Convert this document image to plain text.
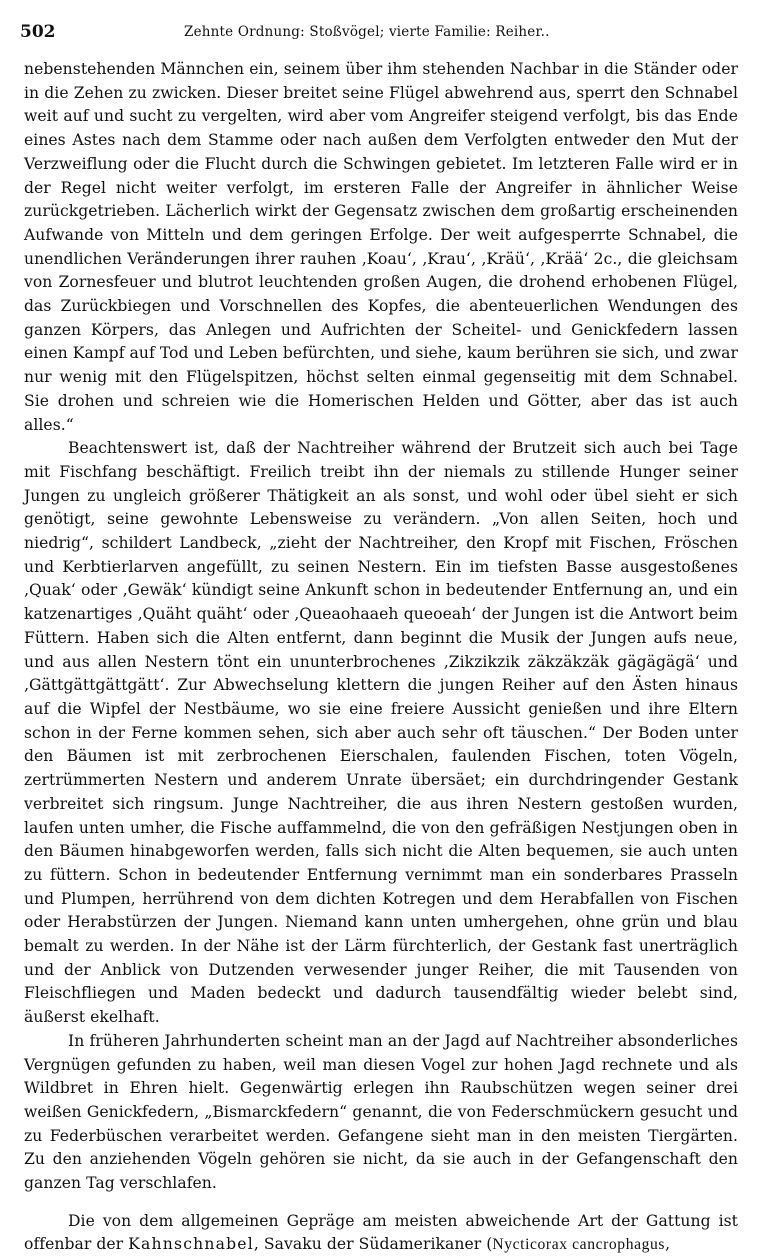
502	Zehnte Ordnung: Stoßvögel; vierte Familie: Reiher..

nebenstehenden Männchen ein, seinem über ihm stehenden Nachbar in die Ständer oder in die Zehen zu zwicken. Dieser breitet seine Flügel abwehrend aus, sperrt den Schnabel weit auf und sucht zu vergelten, wird aber vom Angreifer steigend verfolgt, bis das Ende eines Astes nach dem Stamme oder nach außen dem Verfolgten entweder den Mut der Verzweiflung oder die Flucht durch die Schwingen gebietet. Im letzteren Falle wird er in der Regel nicht weiter verfolgt, im ersteren Falle der Angreifer in ähnlicher Weise zurückgetrieben. Lächerlich wirkt der Gegensatz zwischen dem großartig erscheinenden Aufwande von Mitteln und dem geringen Erfolge. Der weit aufgesperrte Schnabel, die unendlichen Veränderungen ihrer rauhen ‚Koau‘, ‚Krau‘, ‚Kräü‘, ‚Krää‘ 2c., die gleichsam von Zornesfeuer und blutrot leuchtenden großen Augen, die drohend erhobenen Flügel, das Zurückbiegen und Vorschnellen des Kopfes, die abenteuerlichen Wendungen des ganzen Körpers, das Anlegen und Aufrichten der Scheitel- und Genickfedern lassen einen Kampf auf Tod und Leben befürchten, und siehe, kaum berühren sie sich, und zwar nur wenig mit den Flügelspitzen, höchst selten einmal gegenseitig mit dem Schnabel. Sie drohen und schreien wie die Homerischen Helden und Götter, aber das ist auch alles.“

Beachtenswert ist, daß der Nachtreiher während der Brutzeit sich auch bei Tage mit Fischfang beschäftigt. Freilich treibt ihn der niemals zu stillende Hunger seiner Jungen zu ungleich größerer Thätigkeit an als sonst, und wohl oder übel sieht er sich genötigt, seine gewohnte Lebensweise zu verändern. „Von allen Seiten, hoch und niedrig“, schildert Landbeck, „zieht der Nachtreiher, den Kropf mit Fischen, Fröschen und Kerbtierlarven angefüllt, zu seinen Nestern. Ein im tiefsten Basse ausgestoßenes ‚Quak‘ oder ‚Gewäk‘ kündigt seine Ankunft schon in bedeutender Entfernung an, und ein katzenartiges ‚Quäht quäht‘ oder ‚Queaohaaeh queoeah‘ der Jungen ist die Antwort beim Füttern. Haben sich die Alten entfernt, dann beginnt die Musik der Jungen aufs neue, und aus allen Nestern tönt ein ununterbrochenes ‚Zikzikzik zäkzäkzäk gägägägä‘ und ‚Gättgättgättgätt‘. Zur Abwechselung klettern die jungen Reiher auf den Ästen hinaus auf die Wipfel der Nestbäume, wo sie eine freiere Aussicht genießen und ihre Eltern schon in der Ferne kommen sehen, sich aber auch sehr oft täuschen.“ Der Boden unter den Bäumen ist mit zerbrochenen Eierschalen, faulenden Fischen, toten Vögeln, zertrümmerten Nestern und anderem Unrate übersäet; ein durchdringender Gestank verbreitet sich ringsum. Junge Nachtreiher, die aus ihren Nestern gestoßen wurden, laufen unten umher, die Fische auffammelnd, die von den gefräßigen Nestjungen oben in den Bäumen hinabgeworfen werden, falls sich nicht die Alten bequemen, sie auch unten zu füttern. Schon in bedeutender Entfernung vernimmt man ein sonderbares Prasseln und Plumpen, herrührend von dem dichten Kotregen und dem Herabfallen von Fischen oder Herabstürzen der Jungen. Niemand kann unten umhergehen, ohne grün und blau bemalt zu werden. In der Nähe ist der Lärm fürchterlich, der Gestank fast unerträglich und der Anblick von Dutzenden verwesender junger Reiher, die mit Tausenden von Fleischfliegen und Maden bedeckt und dadurch tausendfältig wieder belebt sind, äußerst ekelhaft.

In früheren Jahrhunderten scheint man an der Jagd auf Nachtreiher absonderliches Vergnügen gefunden zu haben, weil man diesen Vogel zur hohen Jagd rechnete und als Wildbret in Ehren hielt. Gegenwärtig erlegen ihn Raubschützen wegen seiner drei weißen Genickfedern, „Bismarckfedern“ genannt, die von Federschmückern gesucht und zu Federbüschen verarbeitet werden. Gefangene sieht man in den meisten Tiergärten. Zu den anziehenden Vögeln gehören sie nicht, da sie auch in der Gefangenschaft den ganzen Tag verschlafen.

Die von dem allgemeinen Gepräge am meisten abweichende Art der Gattung ist offenbar der Kahnschnabel, Savaku der Südamerikaner (Nycticorax cancrophagus,
